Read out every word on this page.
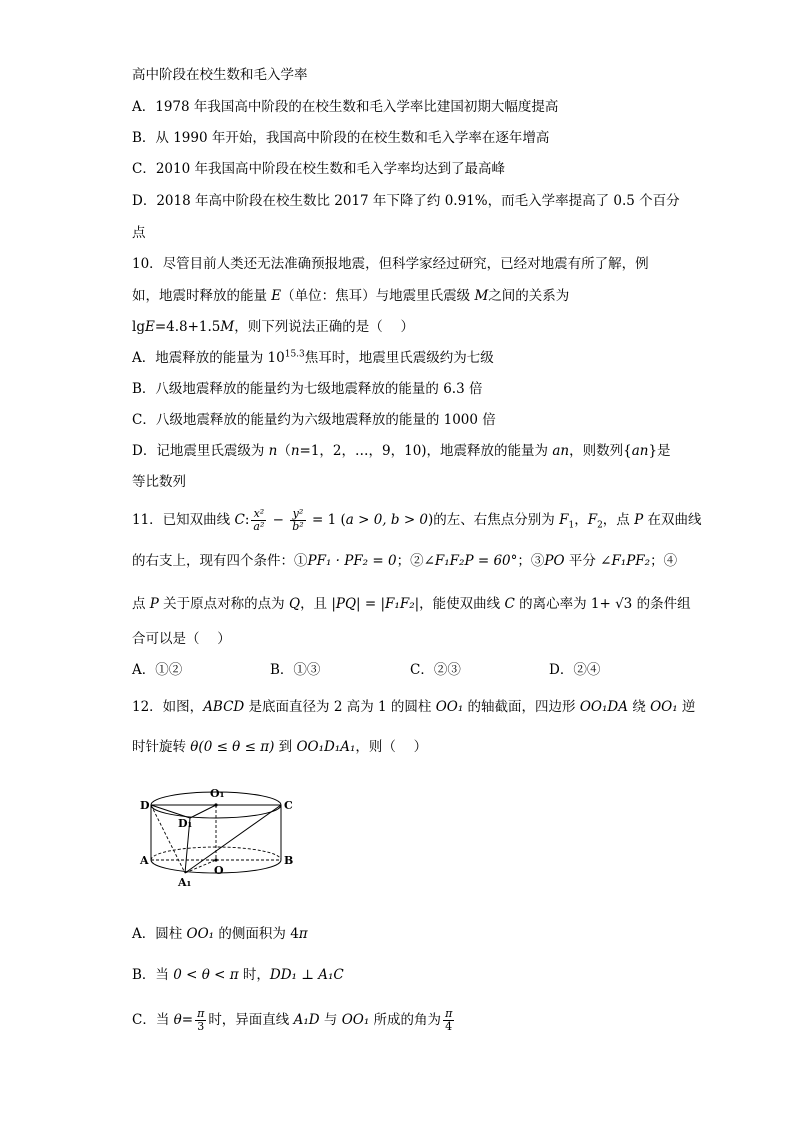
高中阶段在校生数和毛入学率
A．1978 年我国高中阶段的在校生数和毛入学率比建国初期大幅度提高
B．从 1990 年开始，我国高中阶段的在校生数和毛入学率在逐年增高
C．2010 年我国高中阶段在校生数和毛入学率均达到了最高峰
D．2018 年高中阶段在校生数比 2017 年下降了约 0.91%，而毛入学率提高了 0.5 个百分
点
10．尽管目前人类还无法准确预报地震，但科学家经过研究，已经对地震有所了解，例
如，地震时释放的能量 E（单位：焦耳）与地震里氏震级 M之间的关系为
lgE=4.8+1.5M，则下列说法正确的是（　 ）
A．地震释放的能量为 $10^{15.3}$焦耳时，地震里氏震级约为七级
B．八级地震释放的能量约为七级地震释放的能量的 6.3 倍
C．八级地震释放的能量约为六级地震释放的能量的 1000 倍
D．记地震里氏震级为 n（n=1，2，…，9，10)，地震释放的能量为 an，则数列{an}是
等比数列
11．已知双曲线 C: $\frac{\text{x²}}{\text{a²}} - \frac{\text{y²}}{\text{b²}} = 1$ (a > 0, b > 0)的左、右焦点分别为 $F_1$，$F_2$，点 P 在双曲线
的右支上，现有四个条件：①PF₁ · PF₂ = 0；②∠F₁F₂P = 60°；③PO 平分 ∠F₁PF₂；④
点 P 关于原点对称的点为 Q，且 |PQ| = |F₁F₂|，能使双曲线 C 的离心率为 1+ √3 的条件组
合可以是（　 ）
A．①②	B．①③	C．②③	D．②④
12．如图，ABCD 是底面直径为 2 高为 1 的圆柱 OO₁ 的轴截面，四边形 OO₁DA 绕 OO₁ 逆
时针旋转 θ(0 ≤ θ ≤ π) 到 OO₁D₁A₁，则（　 ）
D
O₁
C
D₁
A
O
B
A₁
A．圆柱 OO₁ 的侧面积为 4π
B．当 0 < θ < π 时，DD₁ ⊥ A₁C
C．当 $\theta= \frac{\pi}{3}$ 时，异面直线 A₁D 与 OO₁ 所成的角为 $\frac{\pi}{4}$
